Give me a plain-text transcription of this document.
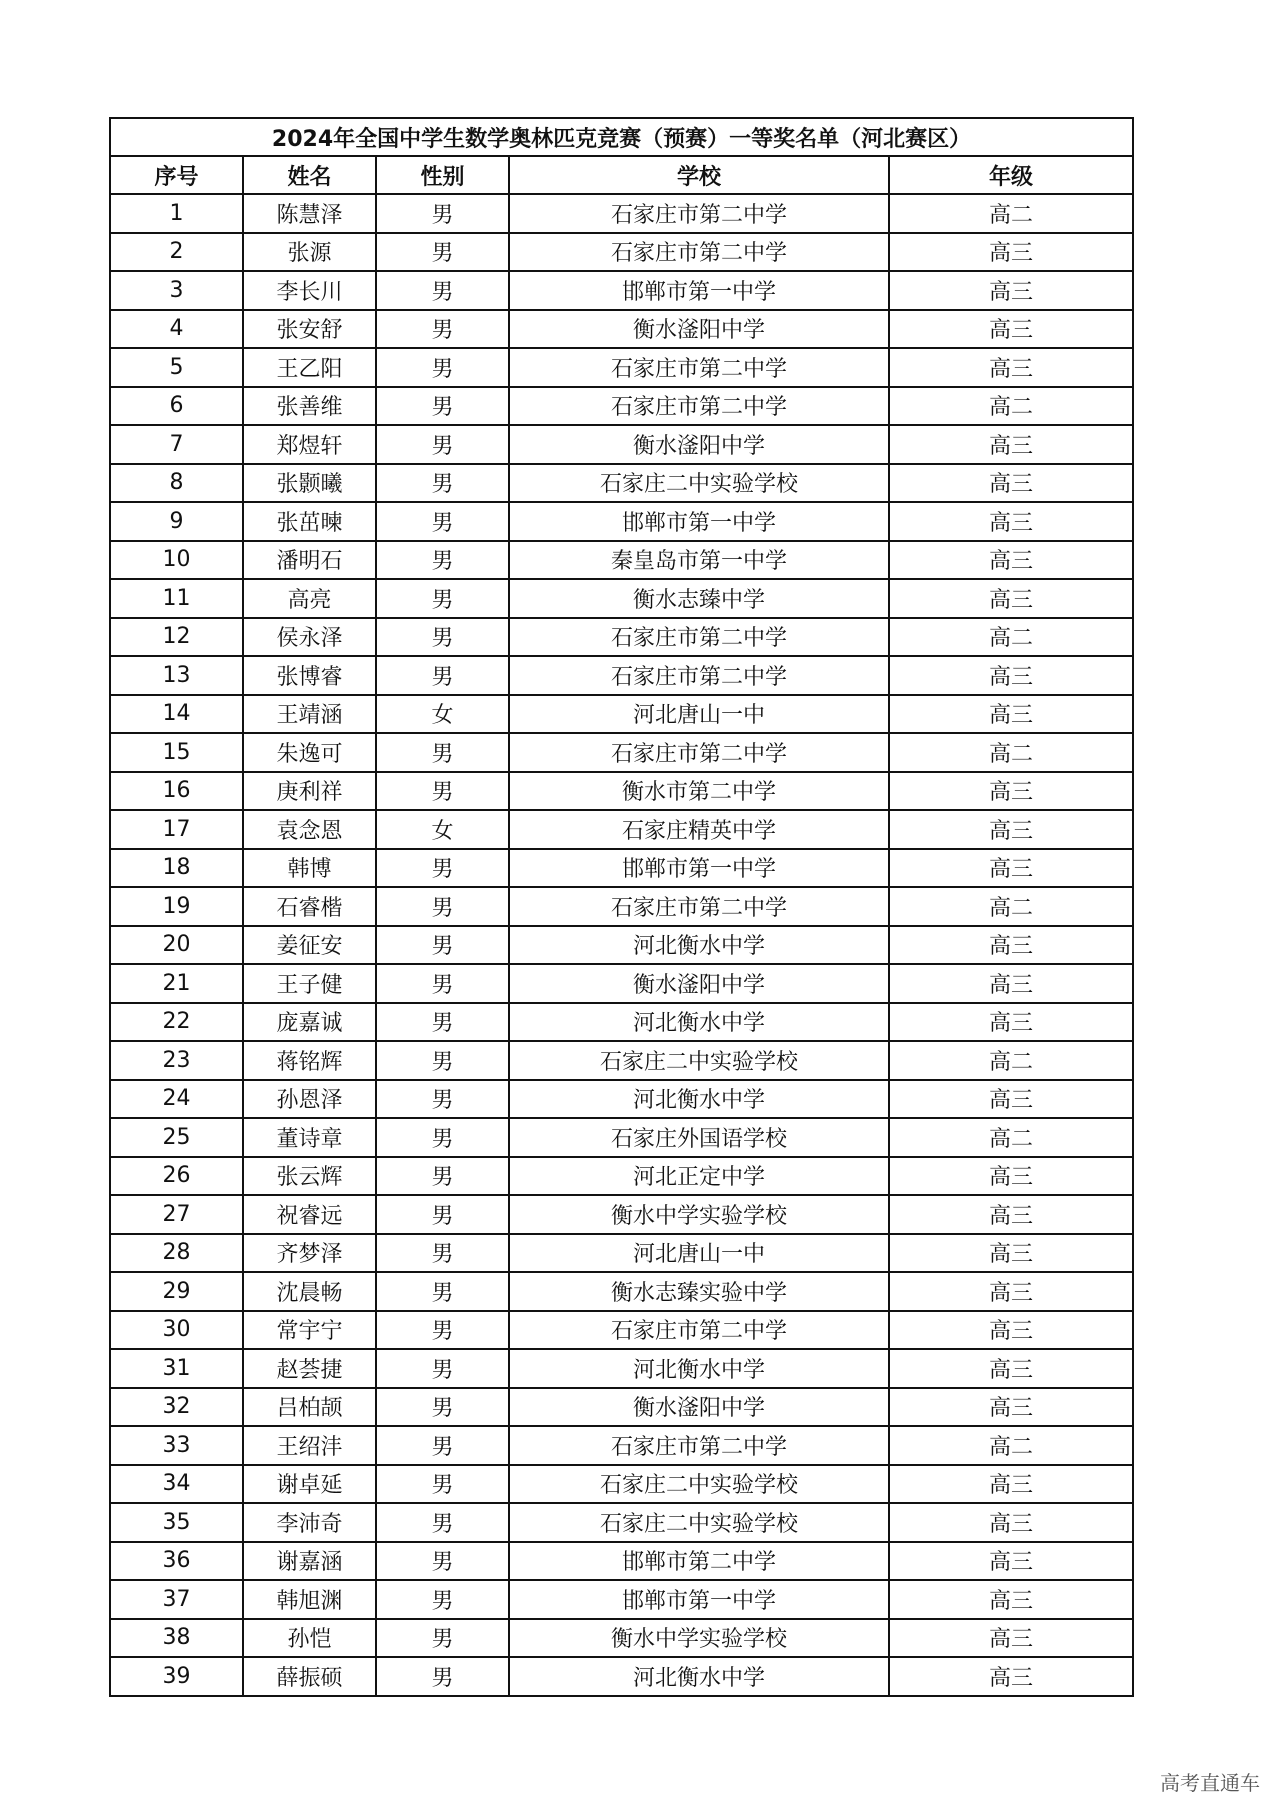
2024年全国中学生数学奥林匹克竞赛（预赛）一等奖名单（河北赛区）				
序号	姓名	性别	学校	年级
1	陈慧泽	男	石家庄市第二中学	高二
2	张源	男	石家庄市第二中学	高三
3	李长川	男	邯郸市第一中学	高三
4	张安舒	男	衡水滏阳中学	高三
5	王乙阳	男	石家庄市第二中学	高三
6	张善维	男	石家庄市第二中学	高二
7	郑煜轩	男	衡水滏阳中学	高三
8	张颢曦	男	石家庄二中实验学校	高三
9	张茁暕	男	邯郸市第一中学	高三
10	潘明石	男	秦皇岛市第一中学	高三
11	高亮	男	衡水志臻中学	高三
12	侯永泽	男	石家庄市第二中学	高二
13	张博睿	男	石家庄市第二中学	高三
14	王靖涵	女	河北唐山一中	高三
15	朱逸可	男	石家庄市第二中学	高二
16	庚利祥	男	衡水市第二中学	高三
17	袁念恩	女	石家庄精英中学	高三
18	韩博	男	邯郸市第一中学	高三
19	石睿楷	男	石家庄市第二中学	高二
20	姜征安	男	河北衡水中学	高三
21	王子健	男	衡水滏阳中学	高三
22	庞嘉诚	男	河北衡水中学	高三
23	蒋铭辉	男	石家庄二中实验学校	高二
24	孙恩泽	男	河北衡水中学	高三
25	董诗章	男	石家庄外国语学校	高二
26	张云辉	男	河北正定中学	高三
27	祝睿远	男	衡水中学实验学校	高三
28	齐梦泽	男	河北唐山一中	高三
29	沈晨畅	男	衡水志臻实验中学	高三
30	常宇宁	男	石家庄市第二中学	高三
31	赵荟捷	男	河北衡水中学	高三
32	吕柏颉	男	衡水滏阳中学	高三
33	王绍沣	男	石家庄市第二中学	高二
34	谢卓延	男	石家庄二中实验学校	高三
35	李沛奇	男	石家庄二中实验学校	高三
36	谢嘉涵	男	邯郸市第二中学	高三
37	韩旭渊	男	邯郸市第一中学	高三
38	孙恺	男	衡水中学实验学校	高三
39	薛振硕	男	河北衡水中学	高三
高考直通车
